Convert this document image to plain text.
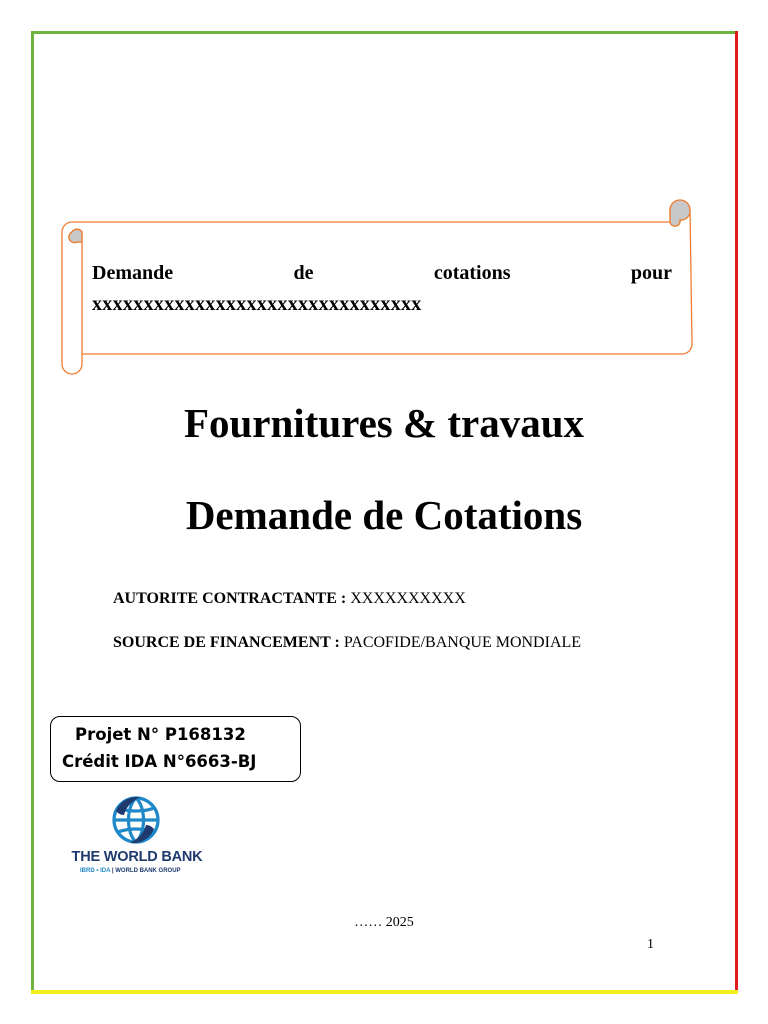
Demande	de	cotations	pour
xxxxxxxxxxxxxxxxxxxxxxxxxxxxxxxx
Fournitures & travaux
Demande de Cotations
AUTORITE CONTRACTANTE : XXXXXXXXXX
SOURCE DE FINANCEMENT : PACOFIDE/BANQUE MONDIALE
Projet N° P168132
Crédit IDA N°6663-BJ
THE WORLD BANK
IBRD • IDA | WORLD BANK GROUP
…… 2025
1
